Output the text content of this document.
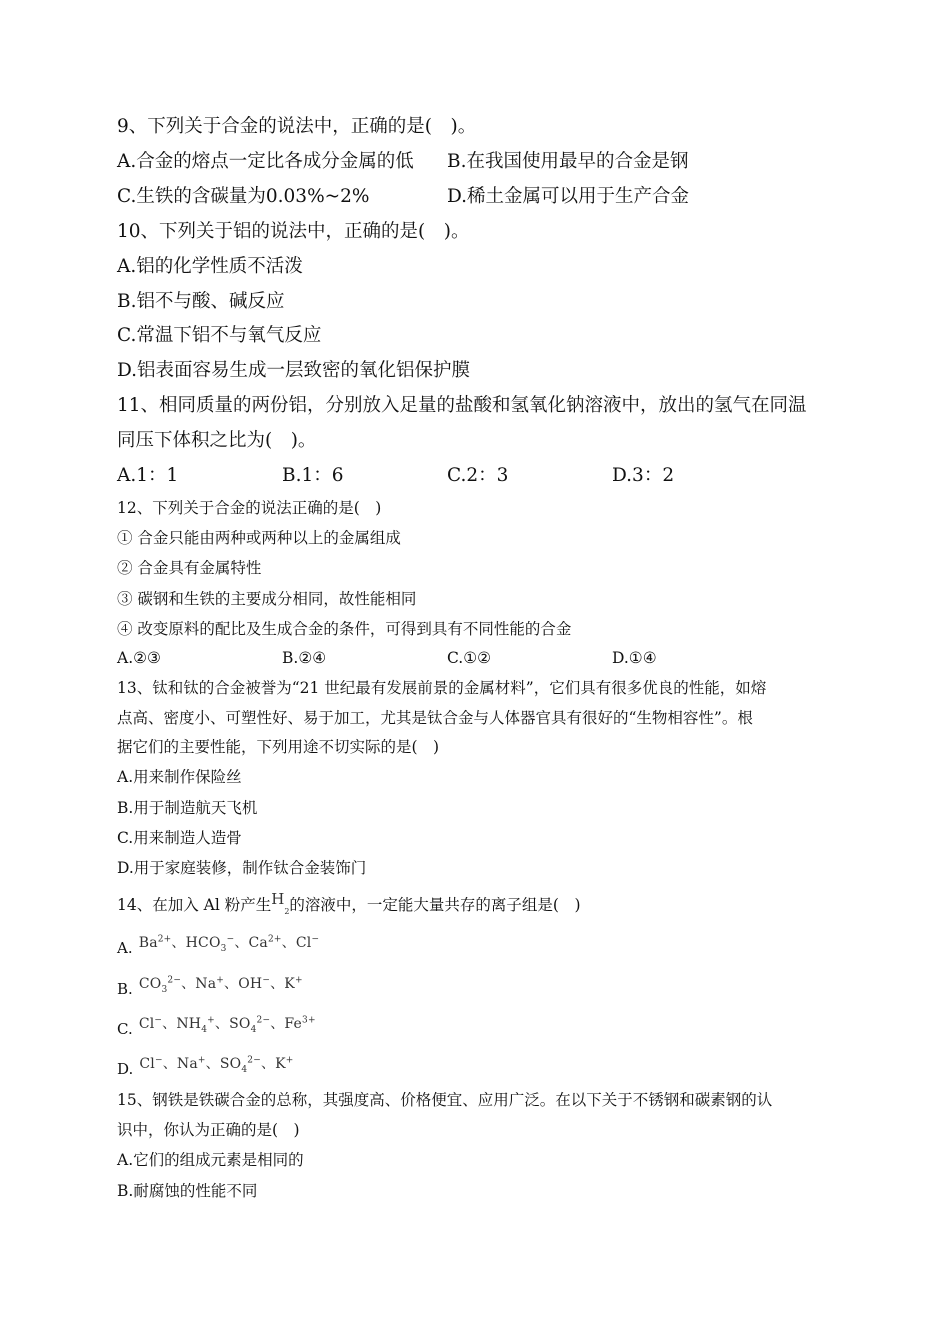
9、下列关于合金的说法中，正确的是(　)。
A.合金的熔点一定比各成分金属的低 B.在我国使用最早的合金是钢
C.生铁的含碳量为0.03%~2%	D.稀土金属可以用于生产合金
10、下列关于铝的说法中，正确的是(　)。
A.铝的化学性质不活泼
B.铝不与酸、碱反应
C.常温下铝不与氧气反应
D.铝表面容易生成一层致密的氧化铝保护膜
11、相同质量的两份铝，分别放入足量的盐酸和氢氧化钠溶液中，放出的氢气在同温
同压下体积之比为(　)。
A.1：1	B.1：6	C.2：3	D.3：2
12、下列关于合金的说法正确的是(　)
① 合金只能由两种或两种以上的金属组成
② 合金具有金属特性
③ 碳钢和生铁的主要成分相同，故性能相同
④ 改变原料的配比及生成合金的条件，可得到具有不同性能的合金
A.②③	B.②④	C.①②	D.①④
13、钛和钛的合金被誉为“21 世纪最有发展前景的金属材料”，它们具有很多优良的性能，如熔
点高、密度小、可塑性好、易于加工，尤其是钛合金与人体器官具有很好的“生物相容性”。根
据它们的主要性能，下列用途不切实际的是(　)
A.用来制作保险丝
B.用于制造航天飞机
C.用来制造人造骨
D.用于家庭装修，制作钛合金装饰门
14、在加入 Al 粉产生$H_2$的溶液中，一定能大量共存的离子组是(　)
A. $Ba^{2+}$、$HCO_3^-$、$Ca^{2+}$、Cl−
B. $CO_3^{2-}$、Na+、OH−、K+
C. Cl−、$NH_4^+$、$SO_4^{2-}$、$Fe^{3+}$
D. Cl−、Na+、$SO_4^{2-}$、K+
15、钢铁是铁碳合金的总称，其强度高、价格便宜、应用广泛。在以下关于不锈钢和碳素钢的认
识中，你认为正确的是(　)
A.它们的组成元素是相同的
B.耐腐蚀的性能不同
